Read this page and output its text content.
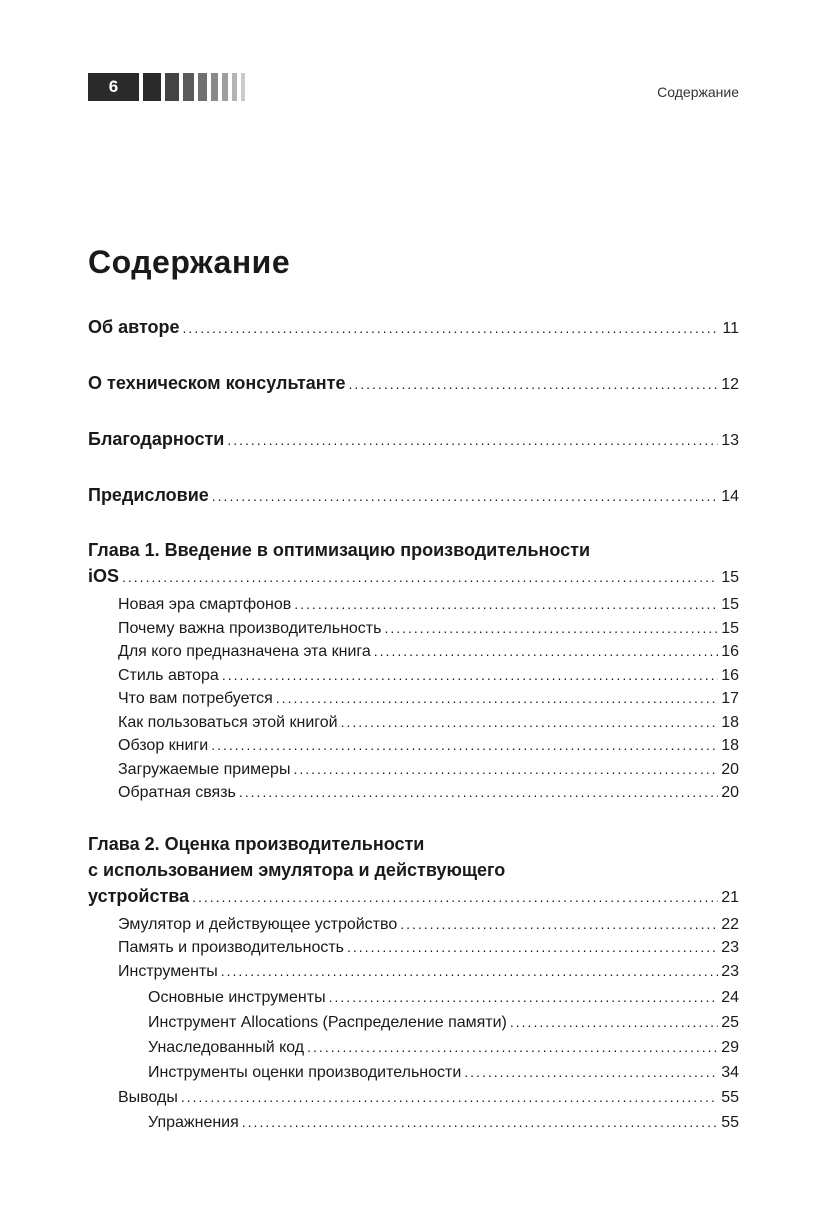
6	Содержание
Содержание
Об авторе .....	11
О техническом консультанте .....	12
Благодарности .....	13
Предисловие .....	14
Глава 1. Введение в оптимизацию производительности
iOS .....	15
Новая эра смартфонов .....	15
Почему важна производительность .....	15
Для кого предназначена эта книга .....	16
Стиль автора .....	16
Что вам потребуется .....	17
Как пользоваться этой книгой .....	18
Обзор книги .....	18
Загружаемые примеры .....	20
Обратная связь .....	20
Глава 2. Оценка производительности
с использованием эмулятора и действующего
устройства .....	21
Эмулятор и действующее устройство .....	22
Память и производительность .....	23
Инструменты .....	23
Основные инструменты .....	24
Инструмент Allocations (Распределение памяти) .....	25
Унаследованный код .....	29
Инструменты оценки производительности .....	34
Выводы .....	55
Упражнения .....	55
